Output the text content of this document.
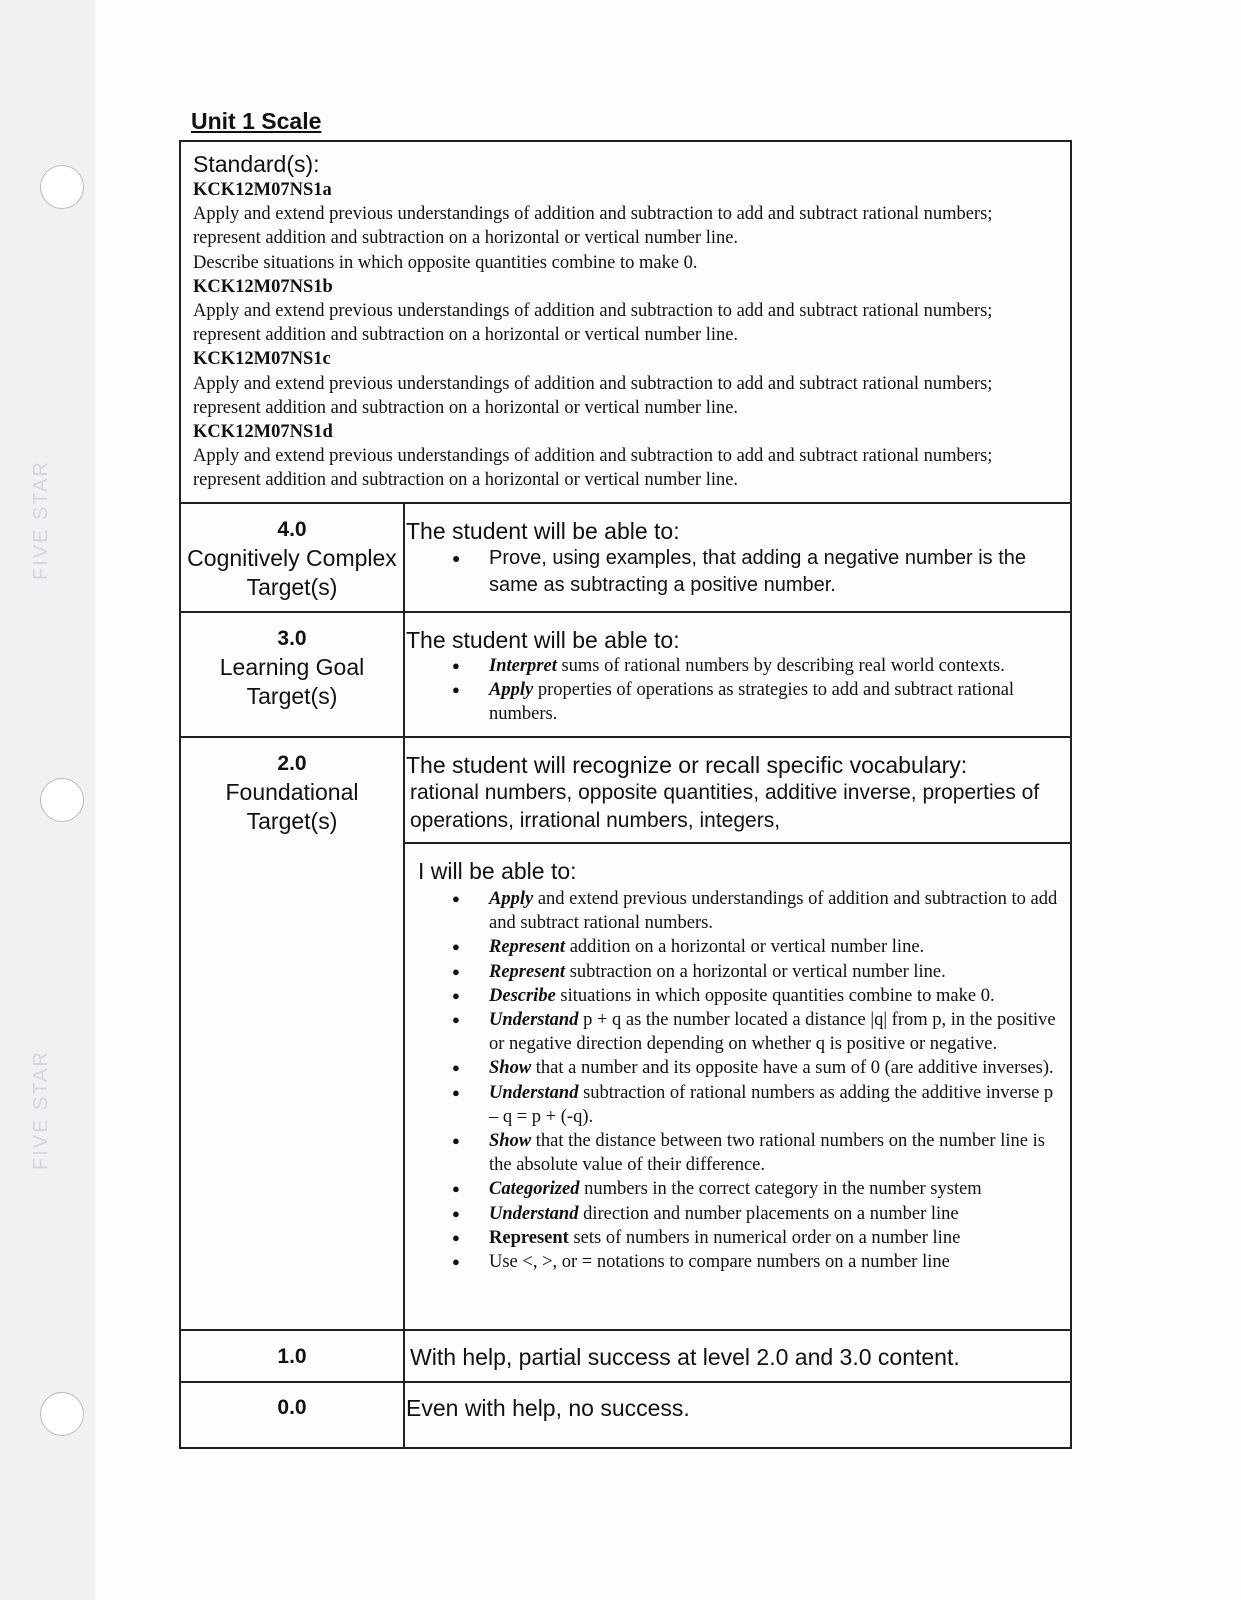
FIVE STAR
FIVE STAR
Unit 1 Scale
Standard(s):
KCK12M07NS1a
Apply and extend previous understandings of addition and subtraction to add and subtract rational numbers; represent addition and subtraction on a horizontal or vertical number line.
Describe situations in which opposite quantities combine to make 0.
KCK12M07NS1b
Apply and extend previous understandings of addition and subtraction to add and subtract rational numbers; represent addition and subtraction on a horizontal or vertical number line.
KCK12M07NS1c
Apply and extend previous understandings of addition and subtraction to add and subtract rational numbers; represent addition and subtraction on a horizontal or vertical number line.
KCK12M07NS1d
Apply and extend previous understandings of addition and subtraction to add and subtract rational numbers; represent addition and subtraction on a horizontal or vertical number line.
4.0
Cognitively Complex Target(s)
The student will be able to:
● Prove, using examples, that adding a negative number is the same as subtracting a positive number.
3.0
Learning Goal Target(s)
The student will be able to:
● Interpret sums of rational numbers by describing real world contexts.
● Apply properties of operations as strategies to add and subtract rational numbers.
2.0
Foundational Target(s)
The student will recognize or recall specific vocabulary:
rational numbers, opposite quantities, additive inverse, properties of operations, irrational numbers, integers,
I will be able to:
● Apply and extend previous understandings of addition and subtraction to add and subtract rational numbers.
● Represent addition on a horizontal or vertical number line.
● Represent subtraction on a horizontal or vertical number line.
● Describe situations in which opposite quantities combine to make 0.
● Understand p + q as the number located a distance |q| from p, in the positive or negative direction depending on whether q is positive or negative.
● Show that a number and its opposite have a sum of 0 (are additive inverses).
● Understand subtraction of rational numbers as adding the additive inverse p – q = p + (-q).
● Show that the distance between two rational numbers on the number line is the absolute value of their difference.
● Categorized numbers in the correct category in the number system
● Understand direction and number placements on a number line
● Represent sets of numbers in numerical order on a number line
● Use <, >, or = notations to compare numbers on a number line
1.0	With help, partial success at level 2.0 and 3.0 content.
0.0	Even with help, no success.
